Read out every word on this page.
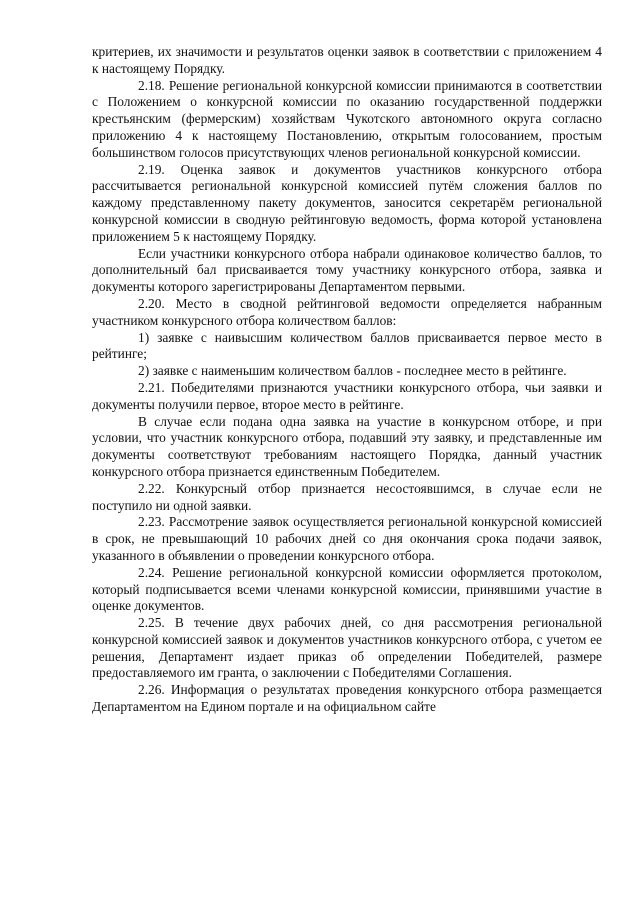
критериев, их значимости и результатов оценки заявок в соответствии с приложением 4 к настоящему Порядку.

2.18. Решение региональной конкурсной комиссии принимаются в соответствии с Положением о конкурсной комиссии по оказанию государственной поддержки крестьянским (фермерским) хозяйствам Чукотского автономного округа согласно приложению 4 к настоящему Постановлению, открытым голосованием, простым большинством голосов присутствующих членов региональной конкурсной комиссии.

2.19. Оценка заявок и документов участников конкурсного отбора рассчитывается региональной конкурсной комиссией путём сложения баллов по каждому представленному пакету документов, заносится секретарём региональной конкурсной комиссии в сводную рейтинговую ведомость, форма которой установлена приложением 5 к настоящему Порядку.

Если участники конкурсного отбора набрали одинаковое количество баллов, то дополнительный бал присваивается тому участнику конкурсного отбора, заявка и документы которого зарегистрированы Департаментом первыми.

2.20. Место в сводной рейтинговой ведомости определяется набранным участником конкурсного отбора количеством баллов:

1) заявке с наивысшим количеством баллов присваивается первое место в рейтинге;

2) заявке с наименьшим количеством баллов - последнее место в рейтинге.

2.21. Победителями признаются участники конкурсного отбора, чьи заявки и документы получили первое, второе место в рейтинге.

В случае если подана одна заявка на участие в конкурсном отборе, и при условии, что участник конкурсного отбора, подавший эту заявку, и представленные им документы соответствуют требованиям настоящего Порядка, данный участник конкурсного отбора признается единственным Победителем.

2.22. Конкурсный отбор признается несостоявшимся, в случае если не поступило ни одной заявки.

2.23. Рассмотрение заявок осуществляется региональной конкурсной комиссией в срок, не превышающий 10 рабочих дней со дня окончания срока подачи заявок, указанного в объявлении о проведении конкурсного отбора.

2.24. Решение региональной конкурсной комиссии оформляется протоколом, который подписывается всеми членами конкурсной комиссии, принявшими участие в оценке документов.

2.25. В течение двух рабочих дней, со дня рассмотрения региональной конкурсной комиссией заявок и документов участников конкурсного отбора, с учетом ее решения, Департамент издает приказ об определении Победителей, размере предоставляемого им гранта, о заключении с Победителями Соглашения.

2.26. Информация о результатах проведения конкурсного отбора размещается Департаментом на Едином портале и на официальном сайте
